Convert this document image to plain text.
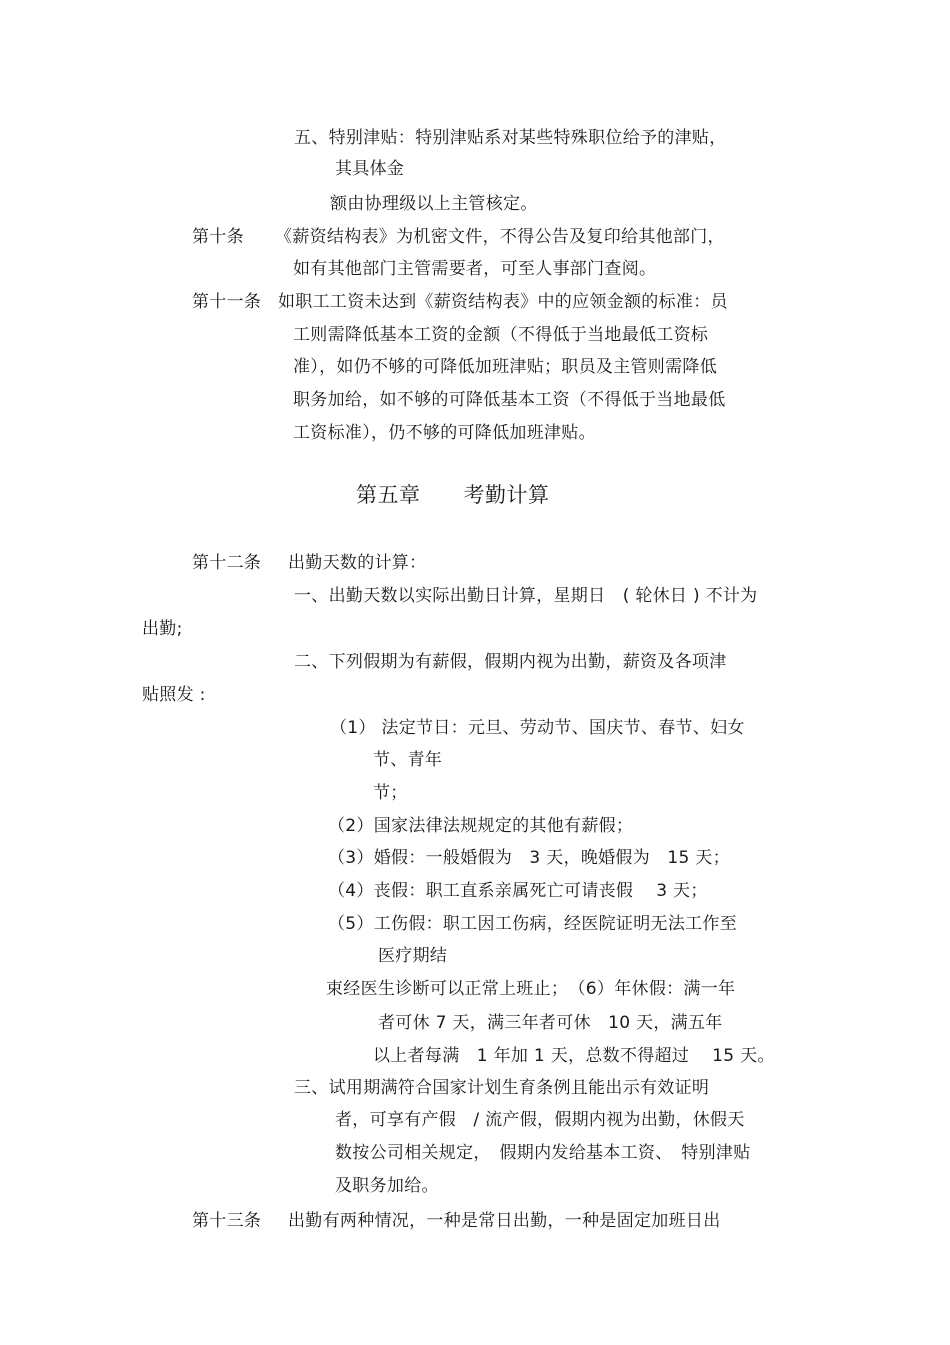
五、特别津贴：特别津贴系对某些特殊职位给予的津贴，
其具体金
额由协理级以上主管核定。
第十条 《薪资结构表》为机密文件，不得公告及复印给其他部门，
如有其他部门主管需要者，可至人事部门查阅。
第十一条 如职工工资未达到《薪资结构表》中的应领金额的标准：员
工则需降低基本工资的金额（不得低于当地最低工资标
准），如仍不够的可降低加班津贴；职员及主管则需降低
职务加给，如不够的可降低基本工资（不得低于当地最低
工资标准），仍不够的可降低加班津贴。
第五章　　考勤计算
第十二条 出勤天数的计算：
一、出勤天数以实际出勤日计算，星期日　( 轮休日 ) 不计为
出勤;
二、下列假期为有薪假，假期内视为出勤，薪资及各项津
贴照发 :
（1） 法定节日：元旦、劳动节、国庆节、春节、妇女
节、青年
节；
（2）国家法律法规规定的其他有薪假；
（3）婚假：一般婚假为　3 天，晚婚假为　15 天；
（4）丧假：职工直系亲属死亡可请丧假　 3 天；
（5）工伤假：职工因工伤病，经医院证明无法工作至
医疗期结
束经医生诊断可以正常上班止；　（6）年休假：满一年
者可休 7 天，满三年者可休　10 天，满五年
以上者每满　1 年加 1 天，总数不得超过　 15 天。
三、试用期满符合国家计划生育条例且能出示有效证明
者，可享有产假　/ 流产假，假期内视为出勤，休假天
数按公司相关规定，　假期内发给基本工资、　特别津贴
及职务加给。
第十三条 出勤有两种情况，一种是常日出勤，一种是固定加班日出
